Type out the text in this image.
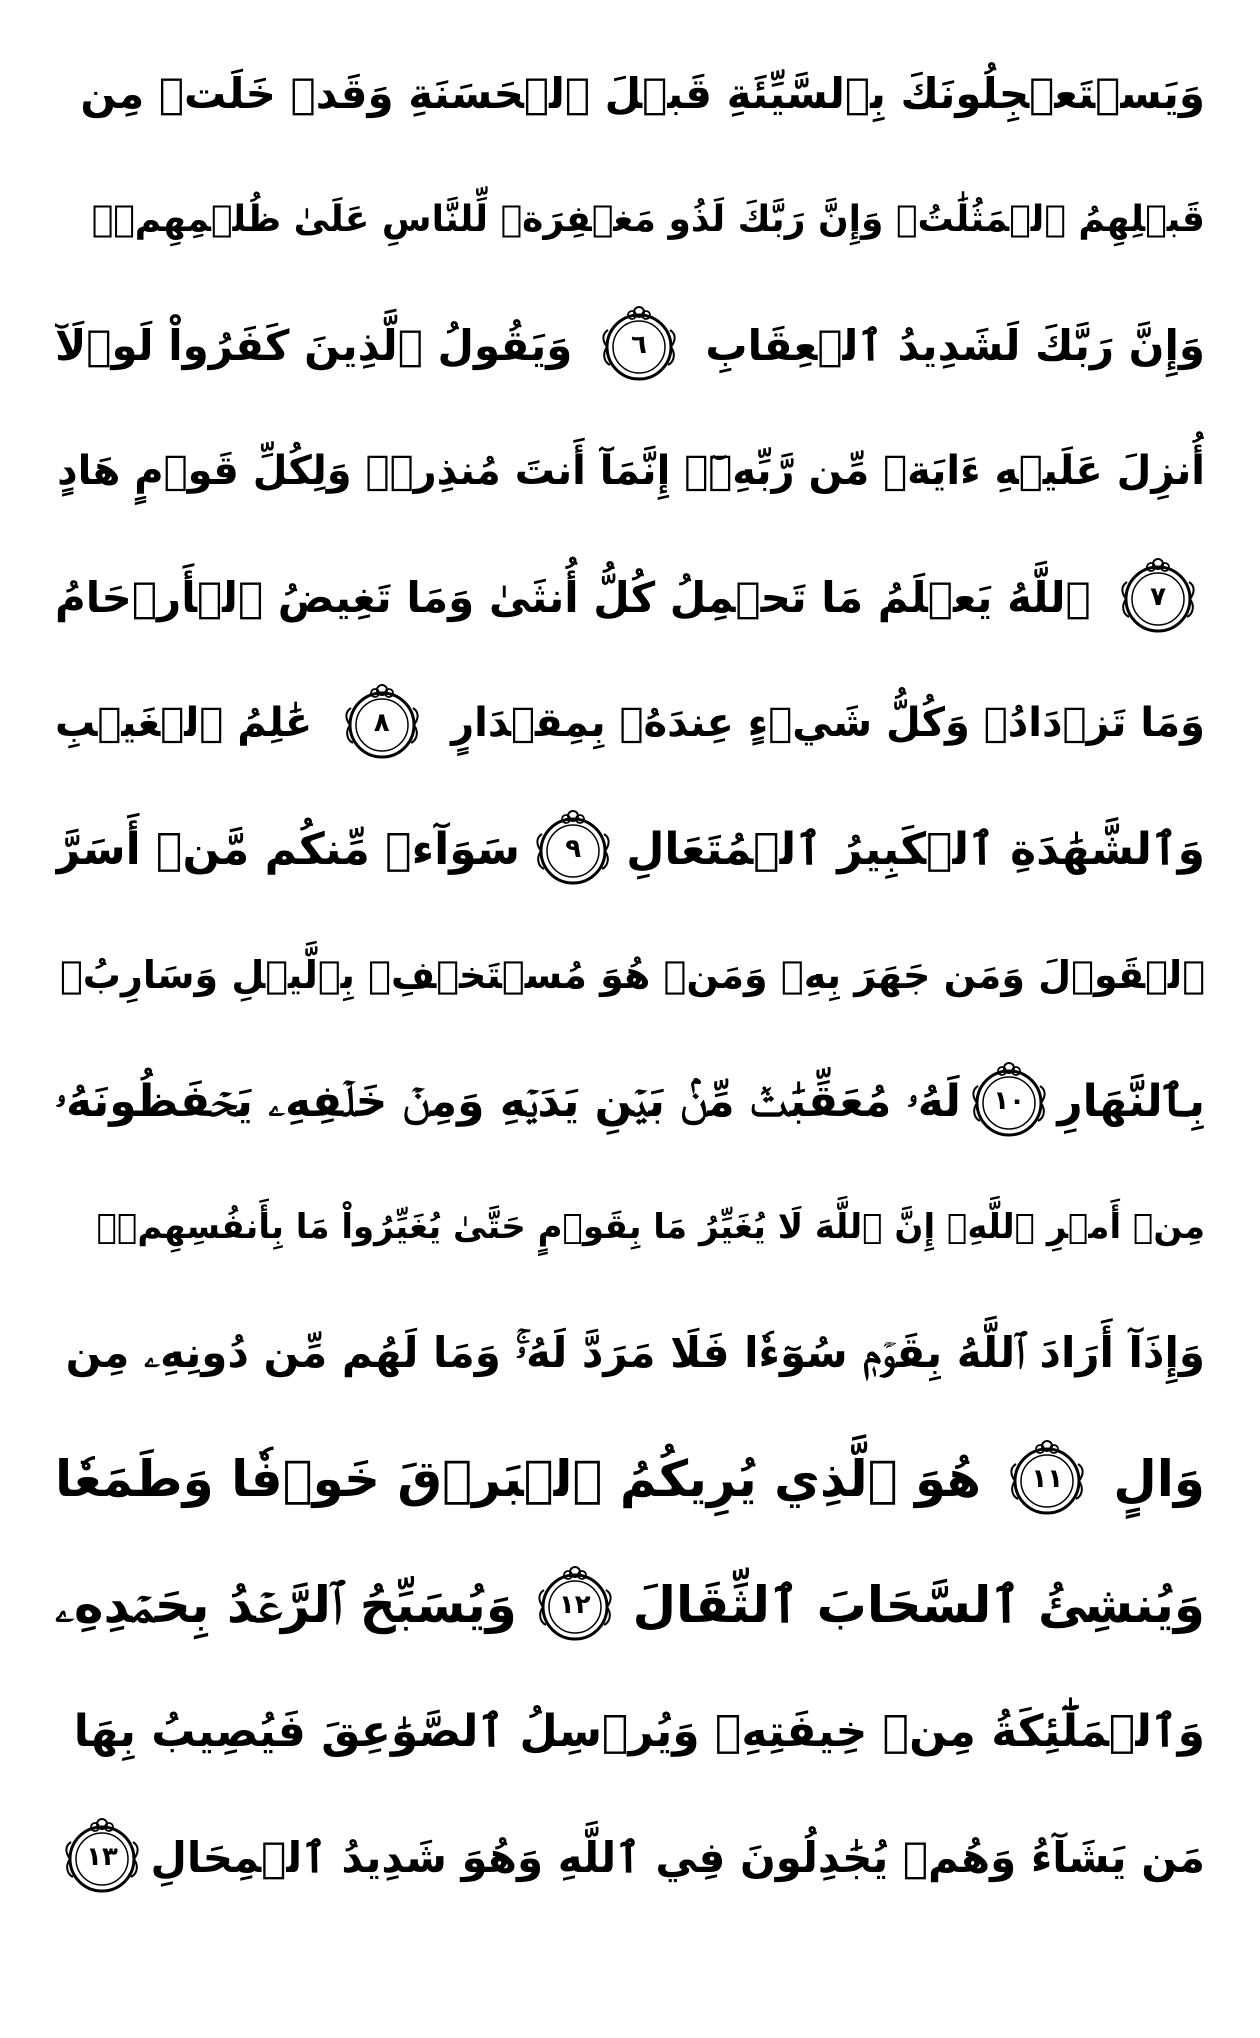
وَيَسۡتَعۡجِلُونَكَ بِٱلسَّيِّئَةِ قَبۡلَ ٱلۡحَسَنَةِ وَقَدۡ خَلَتۡ مِن
قَبۡلِهِمُ ٱلۡمَثُلَٰتُۗ وَإِنَّ رَبَّكَ لَذُو مَغۡفِرَةٖ لِّلنَّاسِ عَلَىٰ ظُلۡمِهِمۡۖ
وَإِنَّ رَبَّكَ لَشَدِيدُ ٱلۡعِقَابِ
٦
وَيَقُولُ ٱلَّذِينَ كَفَرُواْ لَوۡلَآ
أُنزِلَ عَلَيۡهِ ءَايَةٞ مِّن رَّبِّهِۦٓۗ إِنَّمَآ أَنتَ مُنذِرٞۖ وَلِكُلِّ قَوۡمٍ هَادٍ
٧
ٱللَّهُ يَعۡلَمُ مَا تَحۡمِلُ كُلُّ أُنثَىٰ وَمَا تَغِيضُ ٱلۡأَرۡحَامُ
وَمَا تَزۡدَادُۖ وَكُلُّ شَيۡءٍ عِندَهُۥ بِمِقۡدَارٍ
٨
عَٰلِمُ ٱلۡغَيۡبِ
وَٱلشَّهَٰدَةِ ٱلۡكَبِيرُ ٱلۡمُتَعَالِ
٩
سَوَآءٞ مِّنكُم مَّنۡ أَسَرَّ
ٱلۡقَوۡلَ وَمَن جَهَرَ بِهِۦ وَمَنۡ هُوَ مُسۡتَخۡفِۭ بِٱلَّيۡلِ وَسَارِبُۢ
بِٱلنَّهَارِ
١٠
لَهُۥ مُعَقِّبَٰتٞ مِّنۢ بَيۡنِ يَدَيۡهِ وَمِنۡ خَلۡفِهِۦ يَحۡفَظُونَهُۥ
مِنۡ أَمۡرِ ٱللَّهِۗ إِنَّ ٱللَّهَ لَا يُغَيِّرُ مَا بِقَوۡمٍ حَتَّىٰ يُغَيِّرُواْ مَا بِأَنفُسِهِمۡۗ
وَإِذَآ أَرَادَ ٱللَّهُ بِقَوۡمٖ سُوٓءٗا فَلَا مَرَدَّ لَهُۥۚ وَمَا لَهُم مِّن دُونِهِۦ مِن
وَالٍ
١١
هُوَ ٱلَّذِي يُرِيكُمُ ٱلۡبَرۡقَ خَوۡفٗا وَطَمَعٗا
وَيُنشِئُ ٱلسَّحَابَ ٱلثِّقَالَ
١٢
وَيُسَبِّحُ ٱلرَّعۡدُ بِحَمۡدِهِۦ
وَٱلۡمَلَٰٓئِكَةُ مِنۡ خِيفَتِهِۦ وَيُرۡسِلُ ٱلصَّوَٰعِقَ فَيُصِيبُ بِهَا
مَن يَشَآءُ وَهُمۡ يُجَٰدِلُونَ فِي ٱللَّهِ وَهُوَ شَدِيدُ ٱلۡمِحَالِ
١٣
